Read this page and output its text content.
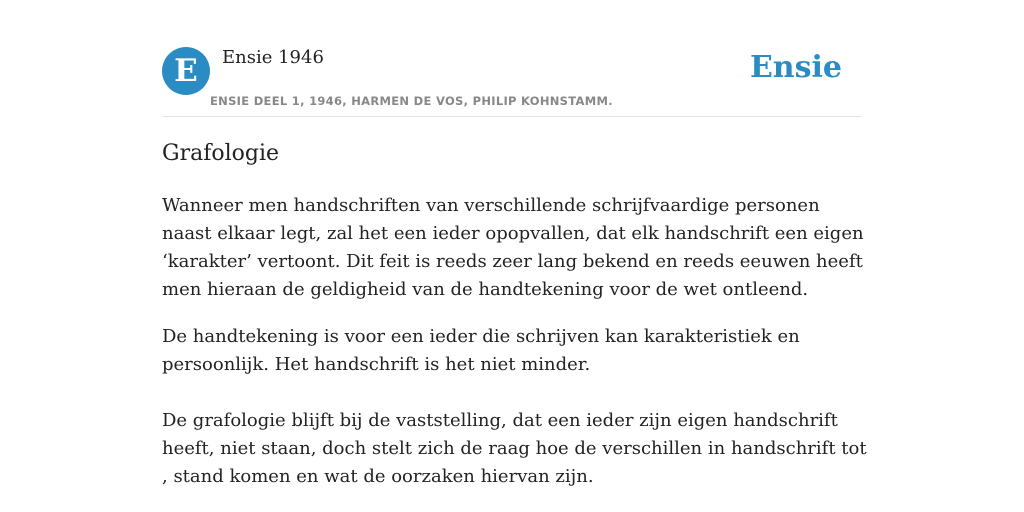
E	Ensie 1946
ENSIE DEEL 1, 1946, HARMEN DE VOS, PHILIP KOHNSTAMM.
Ensie
Grafologie

Wanneer men handschriften van verschillende schrijfvaardige personen naast elkaar legt, zal het een ieder opopvallen, dat elk handschrift een eigen ‘karakter’ vertoont. Dit feit is reeds zeer lang bekend en reeds eeuwen heeft men hieraan de geldigheid van de handtekening voor de wet ontleend.

De handtekening is voor een ieder die schrijven kan karakteristiek en persoonlijk. Het handschrift is het niet minder.

De grafologie blijft bij de vaststelling, dat een ieder zijn eigen handschrift heeft, niet staan, doch stelt zich de raag hoe de verschillen in handschrift tot , stand komen en wat de oorzaken hiervan zijn.
